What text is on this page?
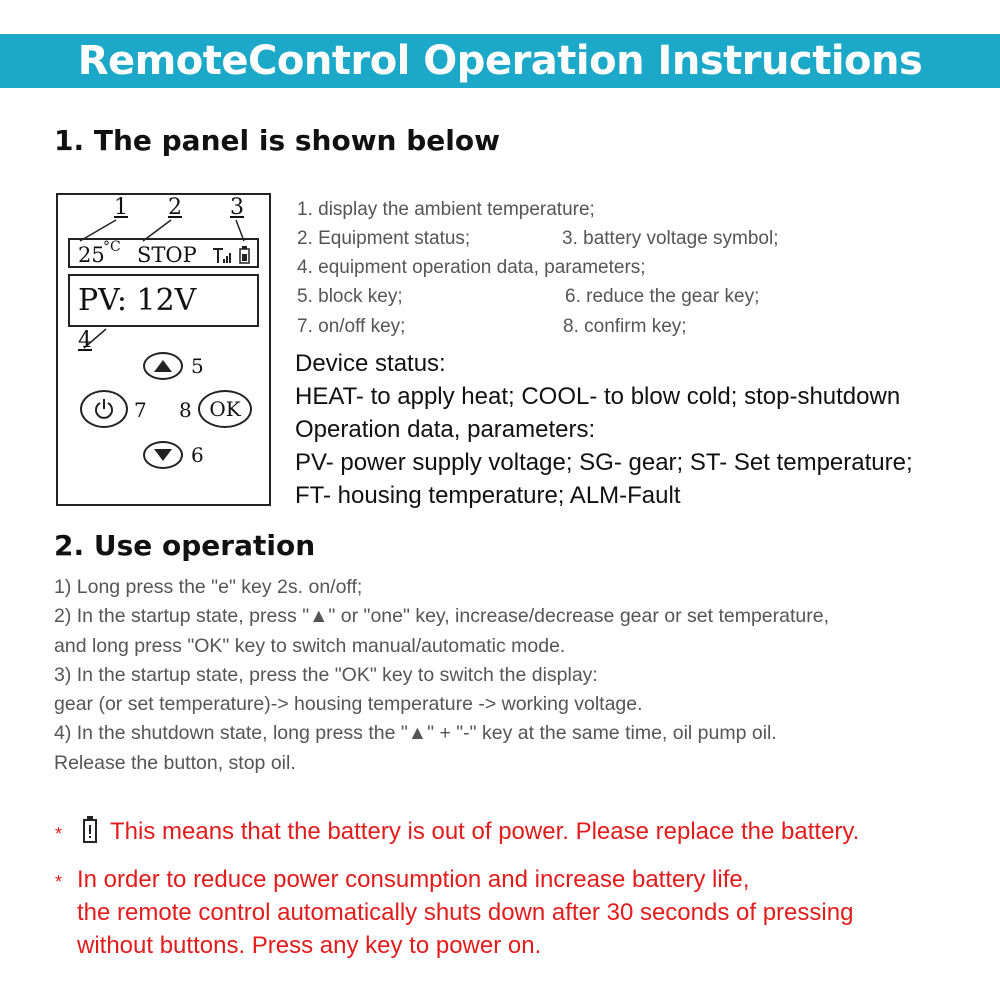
RemoteControl Operation Instructions
1. The panel is shown below
1 2 3
25
°C STOP
PV: 12V
4
5
7 8 OK
6
1. display the ambient temperature;
2. Equipment status;	3. battery voltage symbol;
4. equipment operation data, parameters;
5. block key;	6. reduce the gear key;
7. on/off key;	8. confirm key;
Device status:
HEAT- to apply heat; COOL- to blow cold; stop-shutdown
Operation data, parameters:
PV- power supply voltage; SG- gear; ST- Set temperature;
FT- housing temperature; ALM-Fault
2. Use operation
1) Long press the "e" key 2s. on/off;
2) In the startup state, press "▲" or "one" key, increase/decrease gear or set temperature,
and long press "OK" key to switch manual/automatic mode.
3) In the startup state, press the "OK" key to switch the display:
gear (or set temperature)-> housing temperature -> working voltage.
4) In the shutdown state, long press the "▲" + "-" key at the same time, oil pump oil.
Release the button, stop oil.
* This means that the battery is out of power. Please replace the battery.
* In order to reduce power consumption and increase battery life,
the remote control automatically shuts down after 30 seconds of pressing
without buttons. Press any key to power on.
